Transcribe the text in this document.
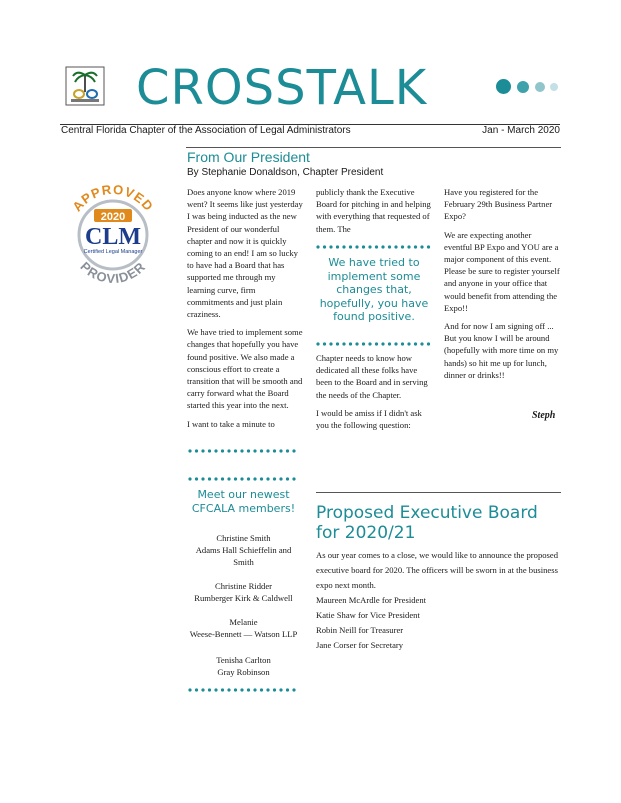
CROSSTALK
Central Florida Chapter of the Association of Legal Administrators	Jan - March 2020
APPROVED
PROVIDER
2020
CLM
Certified Legal Manager
From Our President
By Stephanie Donaldson, Chapter President

Does anyone know where 2019 went? It seems like just yesterday I was being inducted as the new President of our wonderful chapter and now it is quickly coming to an end! I am so lucky to have had a Board that has supported me through my learning curve, firm commitments and just plain craziness.

We have tried to implement some changes that hopefully you have found positive. We also made a conscious effort to create a transition that will be smooth and carry forward what the Board started this year into the next.

I want to take a minute to

publicly thank the Executive Board for pitching in and helping with everything that requested of them. The

We have tried to implement some changes that, hopefully, you have found positive.

Chapter needs to know how dedicated all these folks have been to the Board and in serving the needs of the Chapter.

I would be amiss if I didn't ask you the following question:

Have you registered for the February 29th Business Partner Expo?

We are expecting another eventful BP Expo and YOU are a major component of this event. Please be sure to register yourself and anyone in your office that would benefit from attending the Expo!!

And for now I am signing off ... But you know I will be around (hopefully with more time on my hands) so hit me up for lunch, dinner or drinks!!

Steph
Meet our newest CFCALA members!
Christine Smith
Adams Hall Schieffelin and Smith
Christine Ridder
Rumberger Kirk & Caldwell
Melanie
Weese-Bennett — Watson LLP
Tenisha Carlton
Gray Robinson
Proposed Executive Board for 2020/21

As our year comes to a close, we would like to announce the proposed executive board for 2020. The officers will be sworn in at the business expo next month.

Maureen McArdle for President

Katie Shaw for Vice President

Robin Neill for Treasurer

Jane Corser for Secretary
